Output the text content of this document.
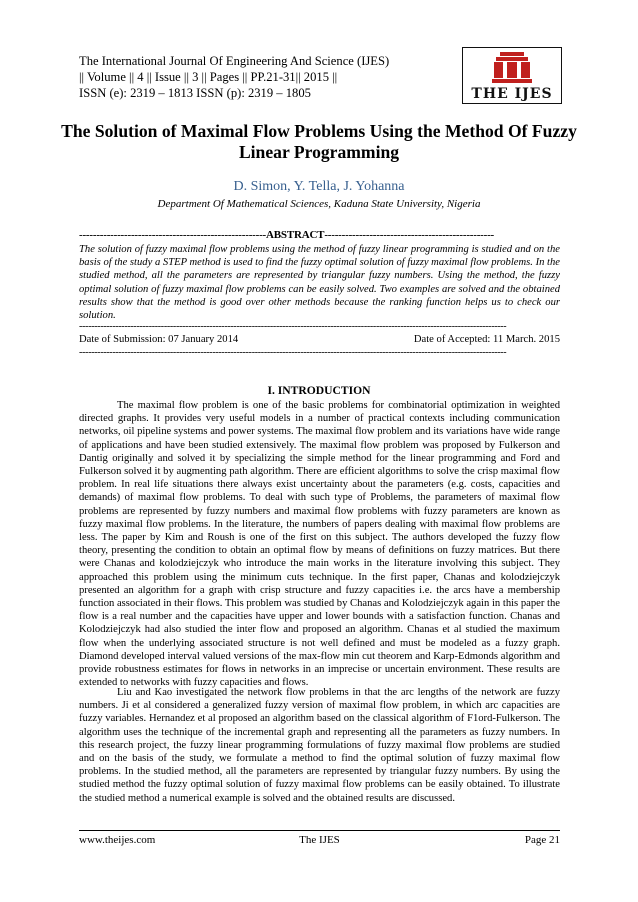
The International Journal Of Engineering And Science (IJES)
|| Volume || 4 || Issue || 3 || Pages || PP.21-31|| 2015 ||
ISSN (e): 2319 – 1813 ISSN (p): 2319 – 1805	THE IJES
The Solution of Maximal Flow Problems Using the Method Of Fuzzy Linear Programming
D. Simon, Y. Tella, J. Yohanna
Department Of Mathematical Sciences, Kaduna State University, Nigeria
------------------------------------------------------ABSTRACT-------------------------------------------------
The solution of fuzzy maximal flow problems using the method of fuzzy linear programming is studied and on the basis of the study a STEP method is used to find the fuzzy optimal solution of fuzzy maximal flow problems. In the studied method, all the parameters are represented by triangular fuzzy numbers. Using the method, the fuzzy optimal solution of fuzzy maximal flow problems can be easily solved. Two examples are solved and the obtained results show that the method is good over other methods because the ranking function helps us to check our solution.
---------------------------------------------------------------------------------------------------------------------------------------------
Date of Submission: 07 January 2014	Date of Accepted: 11 March. 2015
---------------------------------------------------------------------------------------------------------------------------------------------
I. INTRODUCTION
The maximal flow problem is one of the basic problems for combinatorial optimization in weighted directed graphs. It provides very useful models in a number of practical contexts including communication networks, oil pipeline systems and power systems. The maximal flow problem and its variations have wide range of applications and have been studied extensively. The maximal flow problem was proposed by Fulkerson and Dantig originally and solved it by specializing the simple method for the linear programming and Ford and Fulkerson solved it by augmenting path algorithm. There are efficient algorithms to solve the crisp maximal flow problem. In real life situations there always exist uncertainty about the parameters (e.g. costs, capacities and demands) of maximal flow problems. To deal with such type of Problems, the parameters of maximal flow problems are represented by fuzzy numbers and maximal flow problems with fuzzy parameters are known as fuzzy maximal flow problems. In the literature, the numbers of papers dealing with maximal flow problems are less. The paper by Kim and Roush is one of the first on this subject. The authors developed the fuzzy flow theory, presenting the condition to obtain an optimal flow by means of definitions on fuzzy matrices. But there were Chanas and kolodziejczyk who introduce the main works in the literature involving this subject. They approached this problem using the minimum cuts technique. In the first paper, Chanas and kolodziejczyk presented an algorithm for a graph with crisp structure and fuzzy capacities i.e. the arcs have a membership function associated in their flows. This problem was studied by Chanas and Kolodziejczyk again in this paper the flow is a real number and the capacities have upper and lower bounds with a satisfaction function. Chanas and Kolodziejczyk had also studied the inter flow and proposed an algorithm. Chanas et al studied the maximum flow when the underlying associated structure is not well defined and must be modeled as a fuzzy graph. Diamond developed interval valued versions of the max-flow min cut theorem and Karp-Edmonds algorithm and provide robustness estimates for flows in networks in an imprecise or uncertain environment. These results are extended to networks with fuzzy capacities and flows.
Liu and Kao investigated the network flow problems in that the arc lengths of the network are fuzzy numbers. Ji et al considered a generalized fuzzy version of maximal flow problem, in which arc capacities are fuzzy variables. Hernandez et al proposed an algorithm based on the classical algorithm of F1ord-Fulkerson. The algorithm uses the technique of the incremental graph and representing all the parameters as fuzzy numbers. In this research project, the fuzzy linear programming formulations of fuzzy maximal flow problems are studied and on the basis of the study, we formulate a method to find the optimal solution of fuzzy maximal flow problems. In the studied method, all the parameters are represented by triangular fuzzy numbers. By using the studied method the fuzzy optimal solution of fuzzy maximal flow problems can be easily obtained. To illustrate the studied method a numerical example is solved and the obtained results are discussed.
www.theijes.com	The IJES	Page 21
